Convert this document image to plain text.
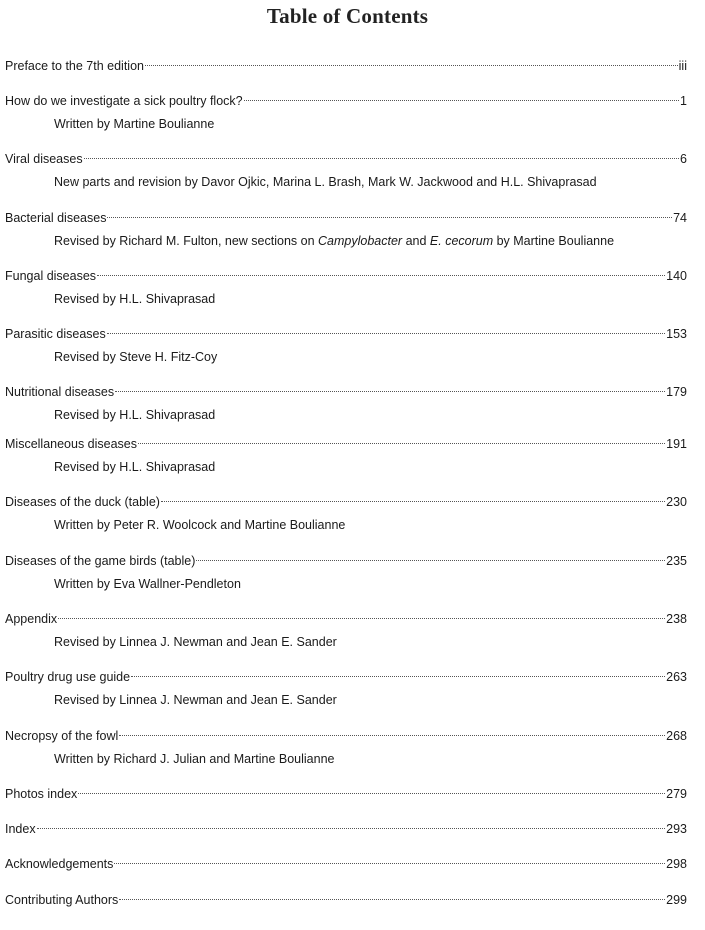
Table of Contents
Preface to the 7th edition	iii
How do we investigate a sick poultry flock?	1
Written by Martine Boulianne
Viral diseases	6
New parts and revision by Davor Ojkic, Marina L. Brash, Mark W. Jackwood and H.L. Shivaprasad
Bacterial diseases	74
Revised by Richard M. Fulton, new sections on Campylobacter and E. cecorum by Martine Boulianne
Fungal diseases	140
Revised by H.L. Shivaprasad
Parasitic diseases	153
Revised by Steve H. Fitz-Coy
Nutritional diseases	179
Revised by H.L. Shivaprasad
Miscellaneous diseases	191
Revised by H.L. Shivaprasad
Diseases of the duck (table)	230
Written by Peter R. Woolcock and Martine Boulianne
Diseases of the game birds (table)	235
Written by Eva Wallner-Pendleton
Appendix	238
Revised by Linnea J. Newman and Jean E. Sander
Poultry drug use guide	263
Revised by Linnea J. Newman and Jean E. Sander
Necropsy of the fowl	268
Written by Richard J. Julian and Martine Boulianne
Photos index	279
Index	293
Acknowledgements	298
Contributing Authors	299
